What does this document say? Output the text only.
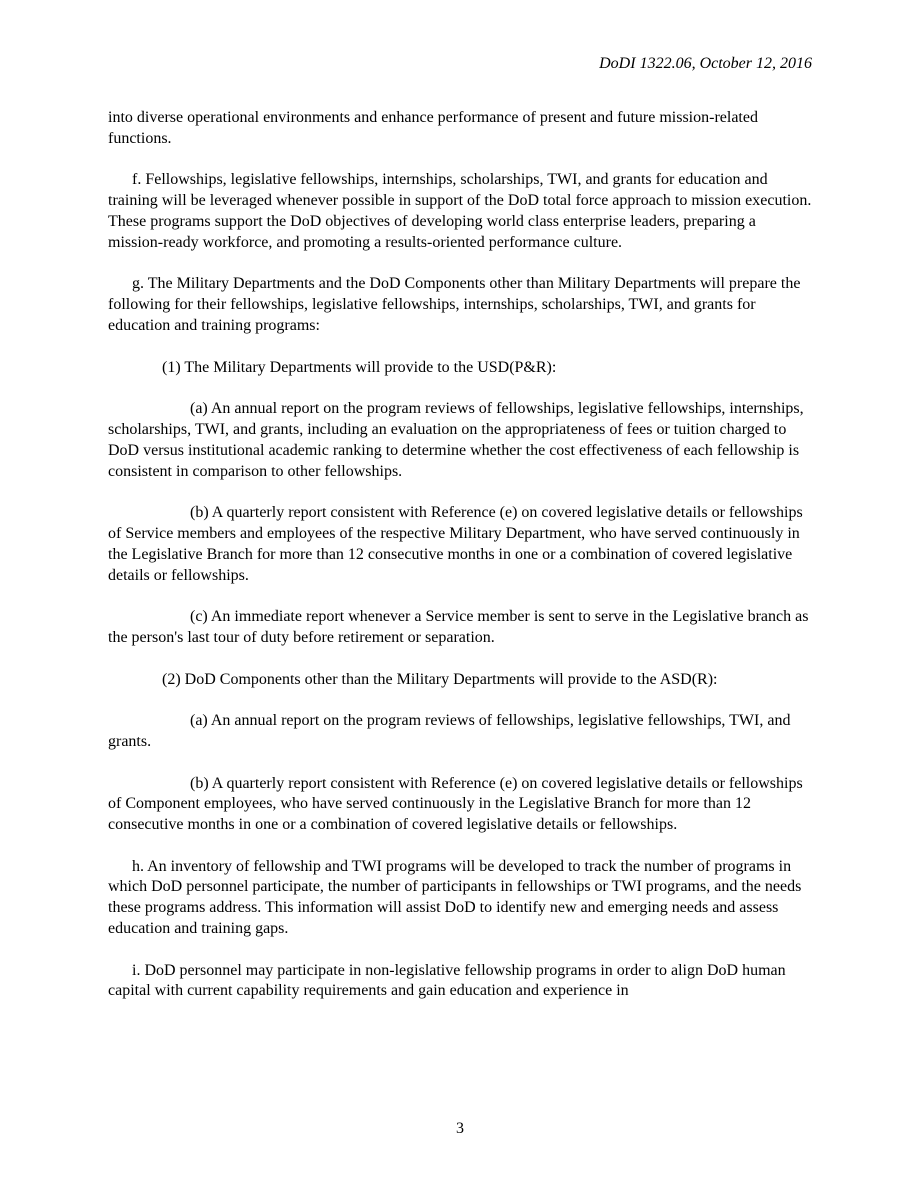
DoDI 1322.06, October 12, 2016

into diverse operational environments and enhance performance of present and future mission-related functions.

f. Fellowships, legislative fellowships, internships, scholarships, TWI, and grants for education and training will be leveraged whenever possible in support of the DoD total force approach to mission execution. These programs support the DoD objectives of developing world class enterprise leaders, preparing a mission-ready workforce, and promoting a results-oriented performance culture.

g. The Military Departments and the DoD Components other than Military Departments will prepare the following for their fellowships, legislative fellowships, internships, scholarships, TWI, and grants for education and training programs:

(1) The Military Departments will provide to the USD(P&R):

(a) An annual report on the program reviews of fellowships, legislative fellowships, internships, scholarships, TWI, and grants, including an evaluation on the appropriateness of fees or tuition charged to DoD versus institutional academic ranking to determine whether the cost effectiveness of each fellowship is consistent in comparison to other fellowships.

(b) A quarterly report consistent with Reference (e) on covered legislative details or fellowships of Service members and employees of the respective Military Department, who have served continuously in the Legislative Branch for more than 12 consecutive months in one or a combination of covered legislative details or fellowships.

(c) An immediate report whenever a Service member is sent to serve in the Legislative branch as the person's last tour of duty before retirement or separation.

(2) DoD Components other than the Military Departments will provide to the ASD(R):

(a) An annual report on the program reviews of fellowships, legislative fellowships, TWI, and grants.

(b) A quarterly report consistent with Reference (e) on covered legislative details or fellowships of Component employees, who have served continuously in the Legislative Branch for more than 12 consecutive months in one or a combination of covered legislative details or fellowships.

h. An inventory of fellowship and TWI programs will be developed to track the number of programs in which DoD personnel participate, the number of participants in fellowships or TWI programs, and the needs these programs address. This information will assist DoD to identify new and emerging needs and assess education and training gaps.

i. DoD personnel may participate in non-legislative fellowship programs in order to align DoD human capital with current capability requirements and gain education and experience in

3
